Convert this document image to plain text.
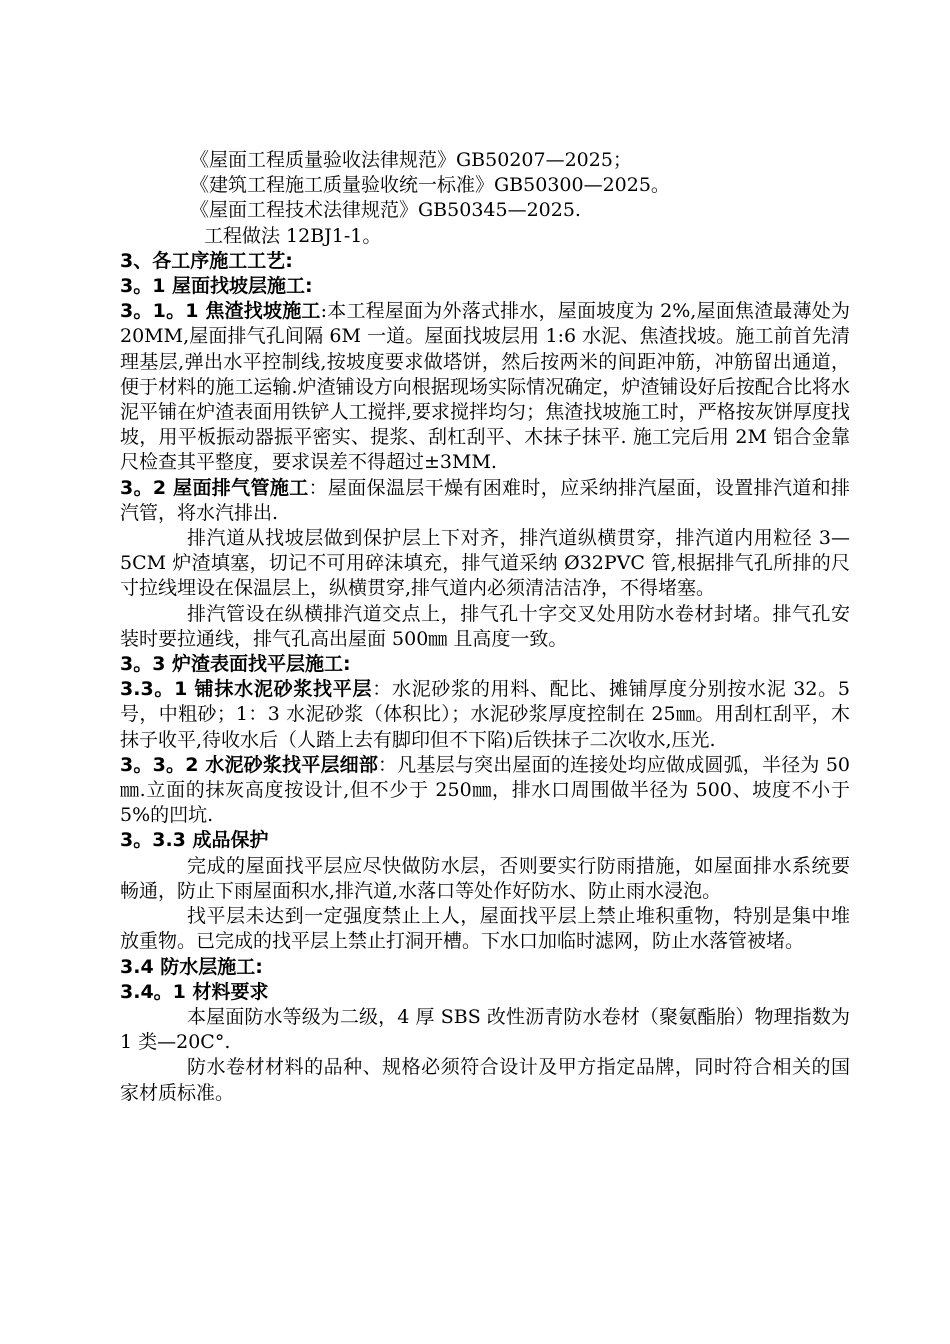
《屋面工程质量验收法律规范》GB50207—2025；

《建筑工程施工质量验收统一标准》GB50300—2025。

《屋面工程技术法律规范》GB50345—2025.

工程做法 12BJ1-1。

3、各工序施工工艺:

3。1 屋面找坡层施工:

3。1。1 焦渣找坡施工:本工程屋面为外落式排水，屋面坡度为 2%,屋面焦渣最薄处为 20MM,屋面排气孔间隔 6M 一道。屋面找坡层用 1:6 水泥、焦渣找坡。施工前首先清理基层,弹出水平控制线,按坡度要求做塔饼，然后按两米的间距冲筋，冲筋留出通道，便于材料的施工运输.炉渣铺设方向根据现场实际情况确定，炉渣铺设好后按配合比将水泥平铺在炉渣表面用铁铲人工搅拌,要求搅拌均匀；焦渣找坡施工时，严格按灰饼厚度找坡，用平板振动器振平密实、提浆、刮杠刮平、木抹子抹平. 施工完后用 2M 铝合金靠尺检查其平整度，要求误差不得超过±3MM.

3。2 屋面排气管施工：屋面保温层干燥有困难时，应采纳排汽屋面，设置排汽道和排汽管，将水汽排出.

排汽道从找坡层做到保护层上下对齐，排汽道纵横贯穿，排汽道内用粒径 3—5CM 炉渣填塞，切记不可用碎沫填充，排气道采纳 Ø32PVC 管,根据排气孔所排的尺寸拉线埋设在保温层上，纵横贯穿,排气道内必须清洁洁净，不得堵塞。

排汽管设在纵横排汽道交点上，排气孔十字交叉处用防水卷材封堵。排气孔安装时要拉通线，排气孔高出屋面 500㎜ 且高度一致。

3。3 炉渣表面找平层施工:

3.3。1 铺抹水泥砂浆找平层：水泥砂浆的用料、配比、摊铺厚度分别按水泥 32。5 号，中粗砂；1：3 水泥砂浆（体积比）；水泥砂浆厚度控制在 25㎜。用刮杠刮平，木抹子收平,待收水后（人踏上去有脚印但不下陷)后铁抹子二次收水,压光.

3。3。2 水泥砂浆找平层细部：凡基层与突出屋面的连接处均应做成圆弧，半径为 50㎜.立面的抹灰高度按设计,但不少于 250㎜，排水口周围做半径为 500、坡度不小于 5%的凹坑.

3。3.3 成品保护

完成的屋面找平层应尽快做防水层，否则要实行防雨措施，如屋面排水系统要畅通，防止下雨屋面积水,排汽道,水落口等处作好防水、防止雨水浸泡。

找平层未达到一定强度禁止上人，屋面找平层上禁止堆积重物，特别是集中堆放重物。已完成的找平层上禁止打洞开槽。下水口加临时滤网，防止水落管被堵。

3.4 防水层施工:

3.4。1 材料要求

本屋面防水等级为二级，4 厚 SBS 改性沥青防水卷材（聚氨酯胎）物理指数为 1 类—20C°.

防水卷材材料的品种、规格必须符合设计及甲方指定品牌，同时符合相关的国家材质标准。
